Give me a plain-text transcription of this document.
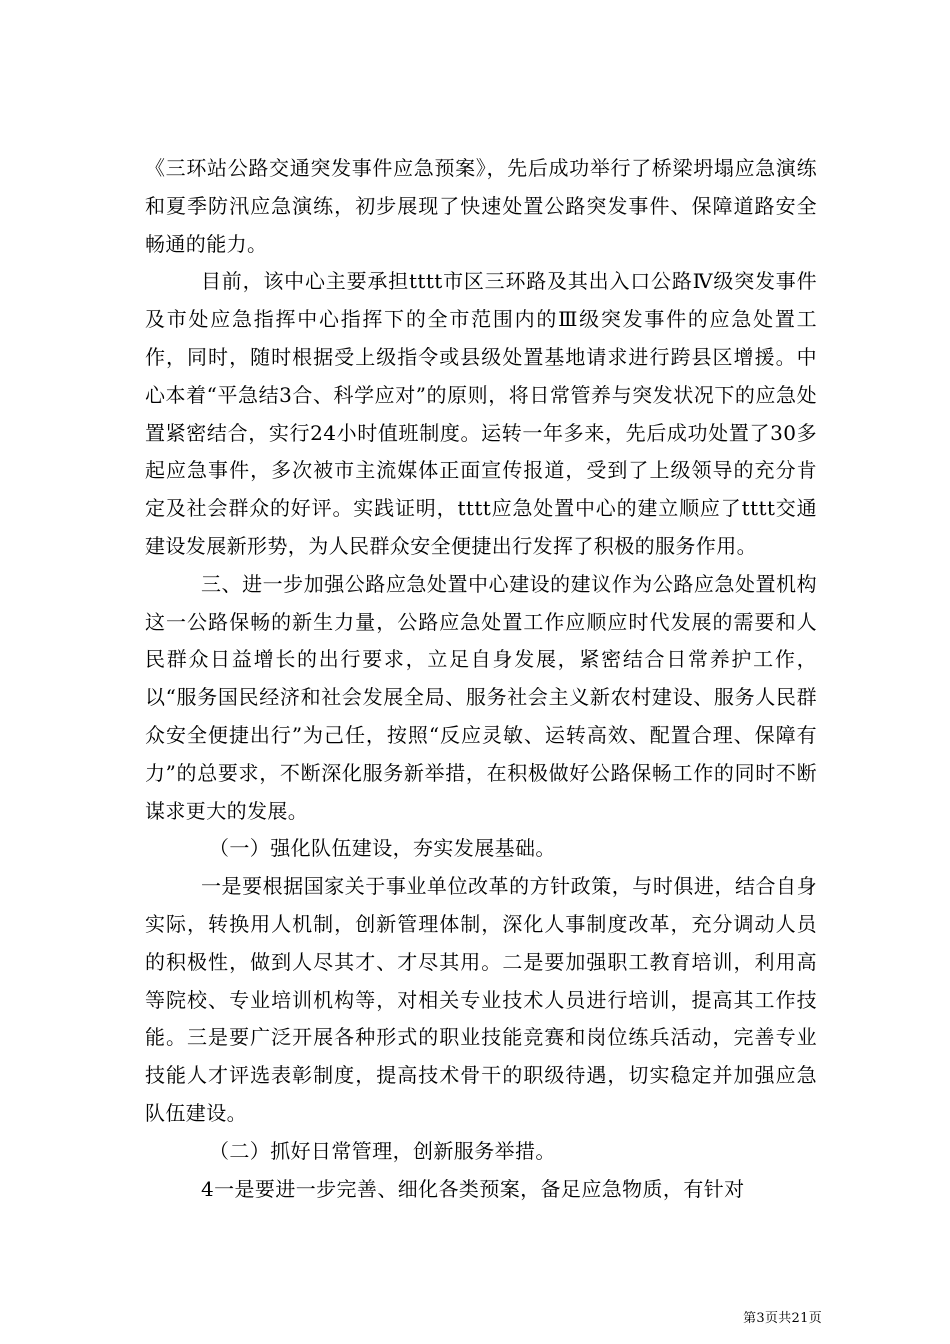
《三环站公路交通突发事件应急预案》，先后成功举行了桥梁坍塌应急演练和夏季防汛应急演练，初步展现了快速处置公路突发事件、保障道路安全畅通的能力。

目前，该中心主要承担tttt市区三环路及其出入口公路Ⅳ级突发事件及市处应急指挥中心指挥下的全市范围内的Ⅲ级突发事件的应急处置工作，同时，随时根据受上级指令或县级处置基地请求进行跨县区增援。中心本着“平急结3合、科学应对”的原则，将日常管养与突发状况下的应急处置紧密结合，实行24小时值班制度。运转一年多来，先后成功处置了30多起应急事件，多次被市主流媒体正面宣传报道，受到了上级领导的充分肯定及社会群众的好评。实践证明，tttt应急处置中心的建立顺应了tttt交通建设发展新形势，为人民群众安全便捷出行发挥了积极的服务作用。

三、进一步加强公路应急处置中心建设的建议作为公路应急处置机构这一公路保畅的新生力量，公路应急处置工作应顺应时代发展的需要和人民群众日益增长的出行要求，立足自身发展，紧密结合日常养护工作，以“服务国民经济和社会发展全局、服务社会主义新农村建设、服务人民群众安全便捷出行”为己任，按照“反应灵敏、运转高效、配置合理、保障有力”的总要求，不断深化服务新举措，在积极做好公路保畅工作的同时不断谋求更大的发展。

（一）强化队伍建设，夯实发展基础。

一是要根据国家关于事业单位改革的方针政策，与时俱进，结合自身实际，转换用人机制，创新管理体制，深化人事制度改革，充分调动人员的积极性，做到人尽其才、才尽其用。二是要加强职工教育培训，利用高等院校、专业培训机构等，对相关专业技术人员进行培训，提高其工作技能。三是要广泛开展各种形式的职业技能竞赛和岗位练兵活动，完善专业技能人才评选表彰制度，提高技术骨干的职级待遇，切实稳定并加强应急队伍建设。

（二）抓好日常管理，创新服务举措。

4一是要进一步完善、细化各类预案，备足应急物质，有针对

第3页共21页
